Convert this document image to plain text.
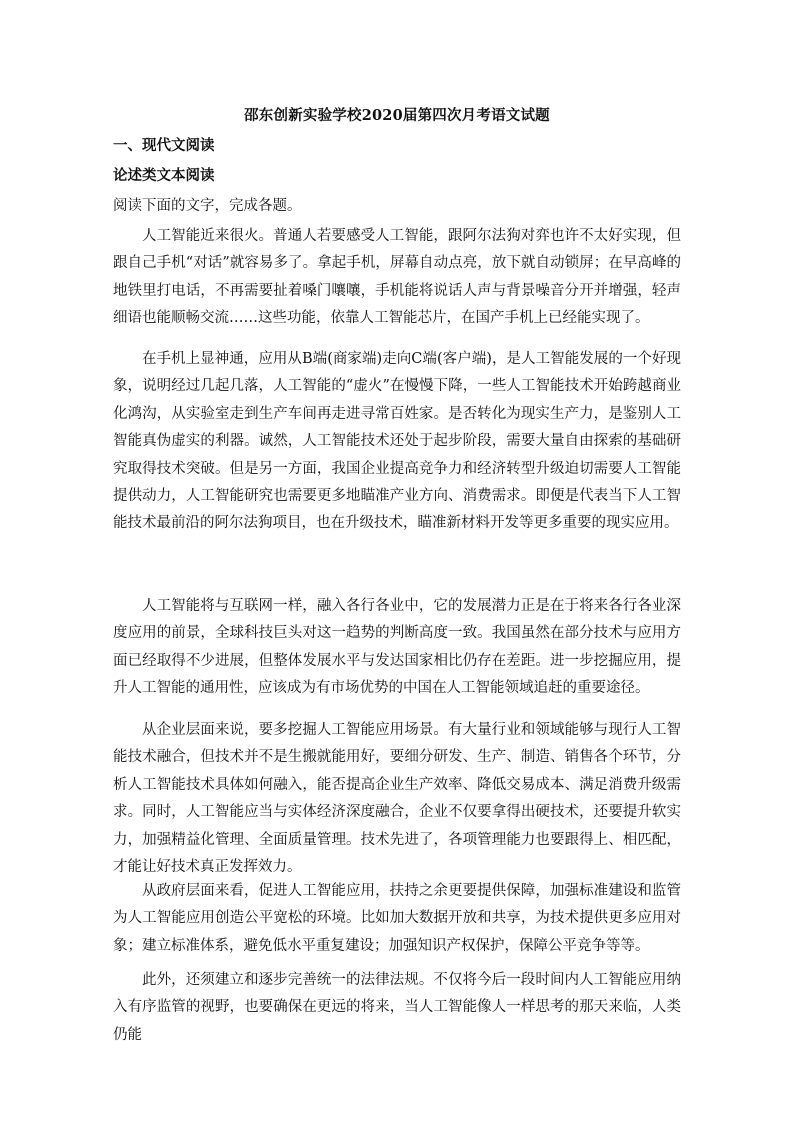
邵东创新实验学校2020届第四次月考语文试题
一、现代文阅读
论述类文本阅读
阅读下面的文字，完成各题。

人工智能近来很火。普通人若要感受人工智能，跟阿尔法狗对弈也许不太好实现，但跟自己手机“对话”就容易多了。拿起手机，屏幕自动点亮，放下就自动锁屏；在早高峰的地铁里打电话，不再需要扯着嗓门嚷嚷，手机能将说话人声与背景噪音分开并增强，轻声细语也能顺畅交流……这些功能，依靠人工智能芯片，在国产手机上已经能实现了。

在手机上显神通，应用从B端(商家端)走向C端(客户端)，是人工智能发展的一个好现象，说明经过几起几落，人工智能的“虚火”在慢慢下降，一些人工智能技术开始跨越商业化鸿沟，从实验室走到生产车间再走进寻常百姓家。是否转化为现实生产力，是鉴别人工智能真伪虚实的利器。诚然，人工智能技术还处于起步阶段，需要大量自由探索的基础研究取得技术突破。但是另一方面，我国企业提高竞争力和经济转型升级迫切需要人工智能提供动力，人工智能研究也需要更多地瞄准产业方向、消费需求。即便是代表当下人工智能技术最前沿的阿尔法狗项目，也在升级技术，瞄准新材料开发等更多重要的现实应用。

人工智能将与互联网一样，融入各行各业中，它的发展潜力正是在于将来各行各业深度应用的前景，全球科技巨头对这一趋势的判断高度一致。我国虽然在部分技术与应用方面已经取得不少进展，但整体发展水平与发达国家相比仍存在差距。进一步挖掘应用，提升人工智能的通用性，应该成为有市场优势的中国在人工智能领域追赶的重要途径。

从企业层面来说，要多挖掘人工智能应用场景。有大量行业和领域能够与现行人工智能技术融合，但技术并不是生搬就能用好，要细分研发、生产、制造、销售各个环节，分析人工智能技术具体如何融入，能否提高企业生产效率、降低交易成本、满足消费升级需求。同时，人工智能应当与实体经济深度融合，企业不仅要拿得出硬技术，还要提升软实力，加强精益化管理、全面质量管理。技术先进了，各项管理能力也要跟得上、相匹配，才能让好技术真正发挥效力。

从政府层面来看，促进人工智能应用，扶持之余更要提供保障，加强标准建设和监管为人工智能应用创造公平宽松的环境。比如加大数据开放和共享，为技术提供更多应用对象；建立标准体系，避免低水平重复建设；加强知识产权保护，保障公平竞争等等。

此外，还须建立和逐步完善统一的法律法规。不仅将今后一段时间内人工智能应用纳入有序监管的视野，也要确保在更远的将来，当人工智能像人一样思考的那天来临，人类仍能
